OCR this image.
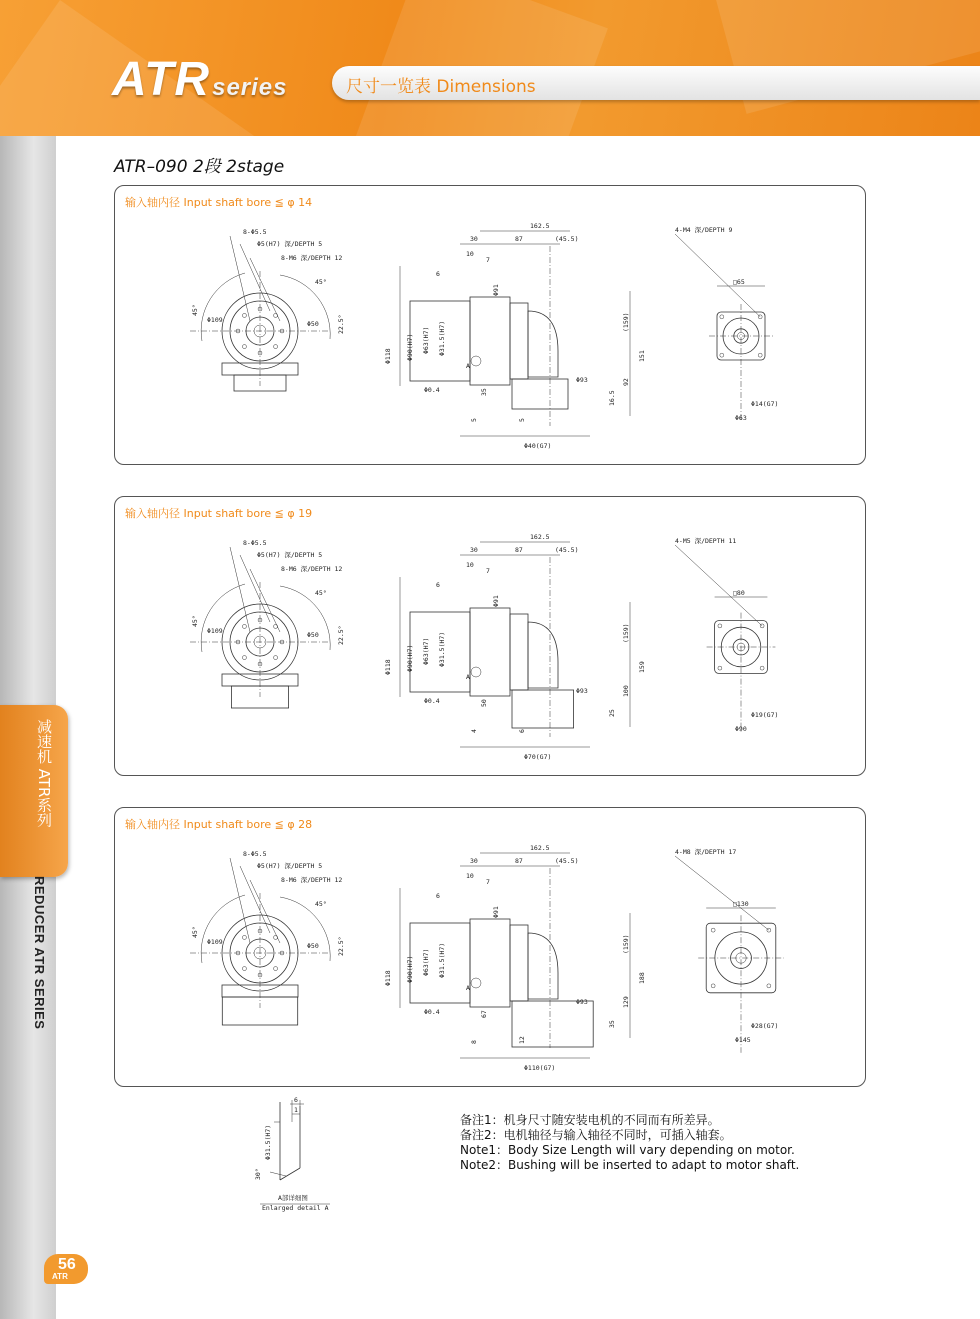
ATRseries	尺寸一览表 Dimensions
减速机 ATR系列
REDUCER ATR SERIES
56
ATR
ATR–090 2段 2stage
输入轴内径 Input shaft bore ≦ φ 14
8-Φ5.5
Φ5(H7) 深/DEPTH 5
8-M6 深/DEPTH 12
45°
45°
22.5°
Φ109	Φ50
162.5
30	87	(45.5)
10
7
6
Φ91
Φ118 Φ90(H7) Φ63(H7) Φ31.5(H7)
A
Φ0.4
Φ93
(159)
151
92
35
5	5
16.5
Φ40(G7)
4-M4 深/DEPTH 9
□65
Φ14(G7)
Φ63
输入轴内径 Input shaft bore ≦ φ 19
8-Φ5.5
Φ5(H7) 深/DEPTH 5
8-M6 深/DEPTH 12
45°
45°
22.5°
Φ109	Φ50
162.5
30	87	(45.5)
10
7
6
Φ91
Φ118 Φ90(H7) Φ63(H7) Φ31.5(H7)
A
Φ0.4
Φ93
(159)
159
100
50
4	6
25
Φ70(G7)
4-M5 深/DEPTH 11
□80
Φ19(G7)
Φ90
输入轴内径 Input shaft bore ≦ φ 28
8-Φ5.5
Φ5(H7) 深/DEPTH 5
8-M6 深/DEPTH 12
45°
45°
22.5°
Φ109	Φ50
162.5
30	87	(45.5)
10
7
6
Φ91
Φ118 Φ90(H7) Φ63(H7) Φ31.5(H7)
A
Φ0.4
Φ93
(159)
188
129
67
8	12
35
Φ110(G7)
4-M8 深/DEPTH 17
□130
Φ28(G7)
Φ145
6
1
Φ31.5(H7)
30°
A部详细图
Enlarged detail A
备注1：机身尺寸随安装电机的不同而有所差异。
备注2：电机轴径与输入轴径不同时，可插入轴套。
Note1：Body Size Length will vary depending on motor.
Note2：Bushing will be inserted to adapt to motor shaft.
